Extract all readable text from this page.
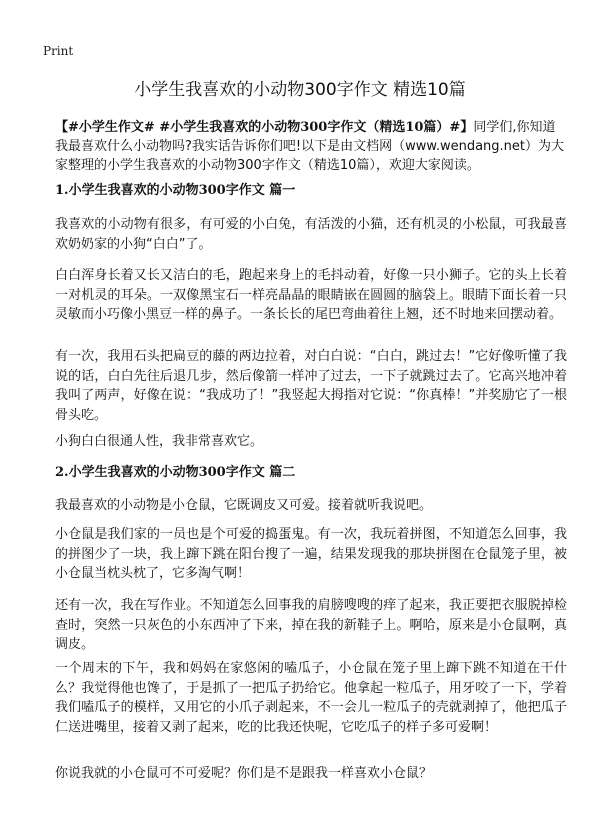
Print
小学生我喜欢的小动物300字作文 精选10篇
【#小学生作文# #小学生我喜欢的小动物300字作文（精选10篇）#】同学们,你知道我最喜欢什么小动物吗?我实话告诉你们吧!以下是由文档网（www.wendang.net）为大家整理的小学生我喜欢的小动物300字作文（精选10篇），欢迎大家阅读。
1.小学生我喜欢的小动物300字作文 篇一

我喜欢的小动物有很多，有可爱的小白兔，有活泼的小猫，还有机灵的小松鼠，可我最喜欢奶奶家的小狗“白白”了。

白白浑身长着又长又洁白的毛，跑起来身上的毛抖动着，好像一只小狮子。它的头上长着一对机灵的耳朵。一双像黑宝石一样亮晶晶的眼睛嵌在圆圆的脑袋上。眼睛下面长着一只灵敏而小巧像小黑豆一样的鼻子。一条长长的尾巴弯曲着往上翘，还不时地来回摆动着。

有一次，我用石头把扁豆的藤的两边拉着，对白白说：“白白，跳过去！”它好像听懂了我说的话，白白先往后退几步，然后像箭一样冲了过去，一下子就跳过去了。它高兴地冲着我叫了两声，好像在说：“我成功了！”我竖起大拇指对它说：“你真棒！”并奖励它了一根骨头吃。

小狗白白很通人性，我非常喜欢它。

2.小学生我喜欢的小动物300字作文 篇二

我最喜欢的小动物是小仓鼠，它既调皮又可爱。接着就听我说吧。

小仓鼠是我们家的一员也是个可爱的捣蛋鬼。有一次，我玩着拼图，不知道怎么回事，我的拼图少了一块，我上蹿下跳在阳台搜了一遍，结果发现我的那块拼图在仓鼠笼子里，被小仓鼠当枕头枕了，它多淘气啊！

还有一次，我在写作业。不知道怎么回事我的肩膀嗖嗖的痒了起来，我正要把衣服脱掉检查时，突然一只灰色的小东西冲了下来，掉在我的新鞋子上。啊哈，原来是小仓鼠啊，真调皮。

一个周末的下午，我和妈妈在家悠闲的嗑瓜子，小仓鼠在笼子里上蹿下跳不知道在干什么？我觉得他也馋了，于是抓了一把瓜子扔给它。他拿起一粒瓜子，用牙咬了一下，学着我们嗑瓜子的模样，又用它的小爪子剥起来，不一会儿一粒瓜子的壳就剥掉了，他把瓜子仁送进嘴里，接着又剥了起来，吃的比我还快呢，它吃瓜子的样子多可爱啊！

你说我就的小仓鼠可不可爱呢？你们是不是跟我一样喜欢小仓鼠？
